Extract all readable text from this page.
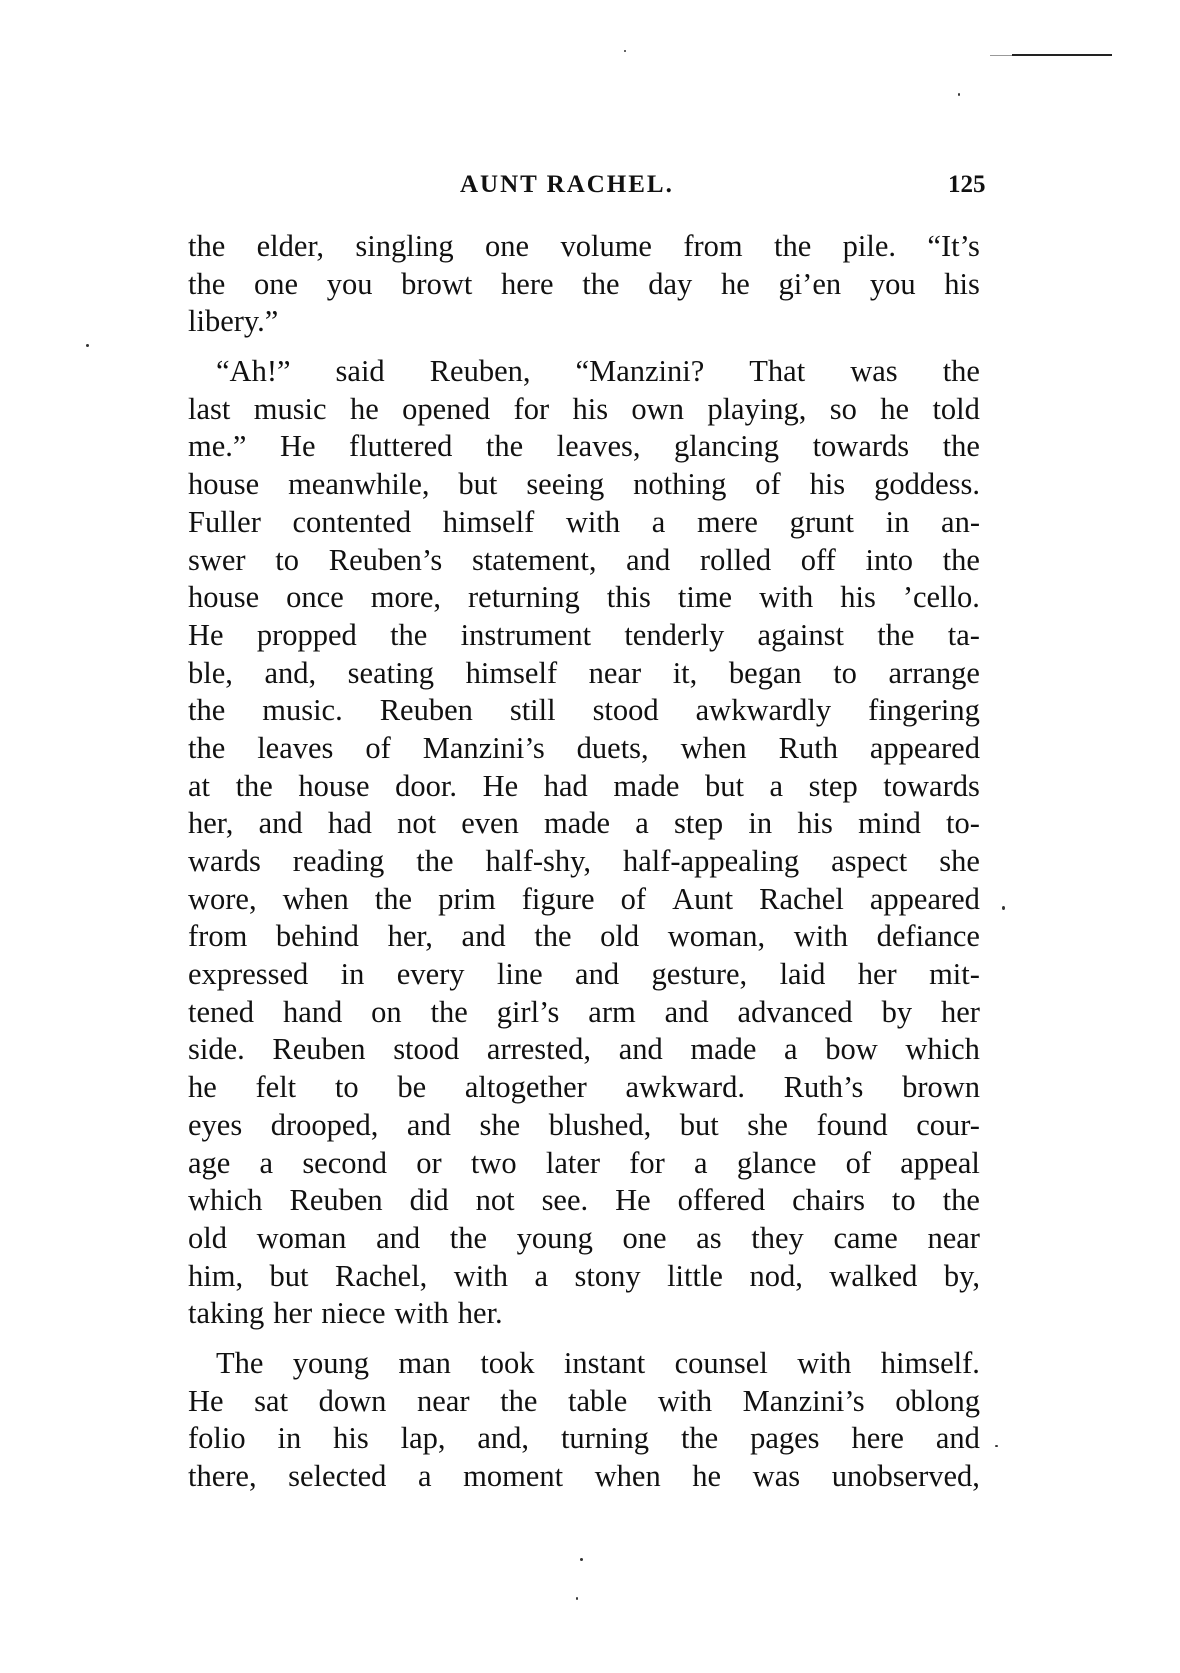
AUNT RACHEL.	125
the elder, singling one volume from the pile. “It’s
the one you browt here the day he gi’en you his
libery.”
“Ah!” said Reuben, “Manzini? That was the
last music he opened for his own playing, so he told
me.” He fluttered the leaves, glancing towards the
house meanwhile, but seeing nothing of his goddess.
Fuller contented himself with a mere grunt in an-
swer to Reuben’s statement, and rolled off into the
house once more, returning this time with his ’cello.
He propped the instrument tenderly against the ta-
ble, and, seating himself near it, began to arrange
the music. Reuben still stood awkwardly fingering
the leaves of Manzini’s duets, when Ruth appeared
at the house door. He had made but a step towards
her, and had not even made a step in his mind to-
wards reading the half-shy, half-appealing aspect she
wore, when the prim figure of Aunt Rachel appeared
from behind her, and the old woman, with defiance
expressed in every line and gesture, laid her mit-
tened hand on the girl’s arm and advanced by her
side. Reuben stood arrested, and made a bow which
he felt to be altogether awkward. Ruth’s brown
eyes drooped, and she blushed, but she found cour-
age a second or two later for a glance of appeal
which Reuben did not see. He offered chairs to the
old woman and the young one as they came near
him, but Rachel, with a stony little nod, walked by,
taking her niece with her.
The young man took instant counsel with himself.
He sat down near the table with Manzini’s oblong
folio in his lap, and, turning the pages here and
there, selected a moment when he was unobserved,
